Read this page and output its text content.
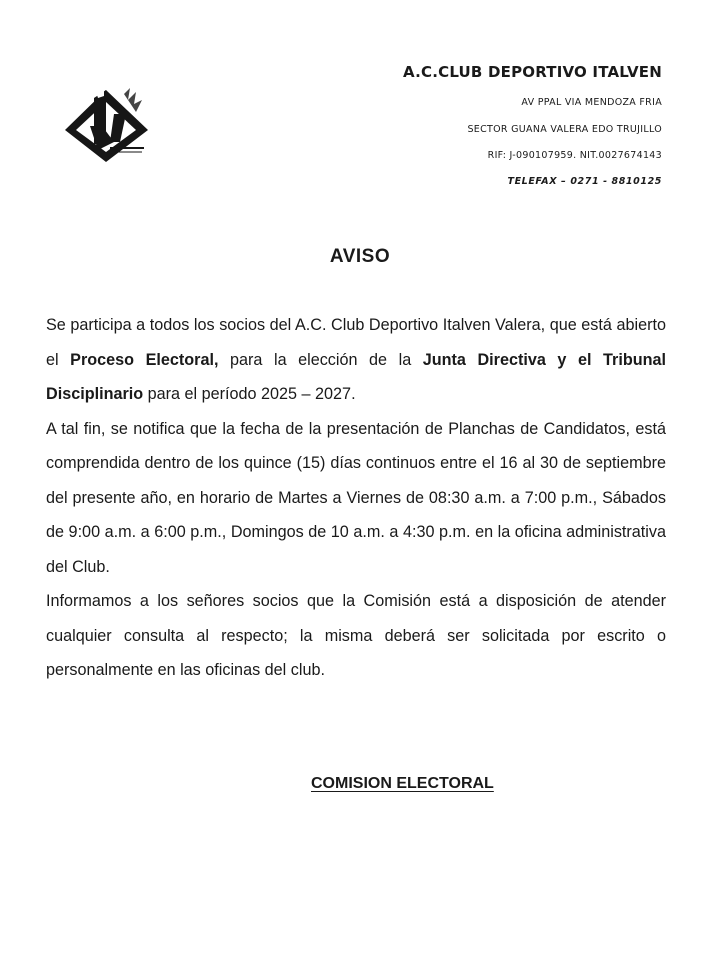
A.C.CLUB DEPORTIVO ITALVEN
AV PPAL VIA MENDOZA FRIA
SECTOR GUANA VALERA EDO TRUJILLO
RIF: J-090107959. NIT.0027674143
TELEFAX – 0271 - 8810125
AVISO

Se participa a todos los socios del A.C. Club Deportivo Italven Valera, que está abierto el Proceso Electoral, para la elección de la Junta Directiva y el Tribunal Disciplinario para el período 2025 – 2027.

A tal fin, se notifica que la fecha de la presentación de Planchas de Candidatos, está comprendida dentro de los quince (15) días continuos entre el 16 al 30 de septiembre del presente año, en horario de Martes a Viernes de 08:30 a.m. a 7:00 p.m., Sábados de 9:00 a.m. a 6:00 p.m., Domingos de 10 a.m. a 4:30 p.m. en la oficina administrativa del Club.

Informamos a los señores socios que la Comisión está a disposición de atender cualquier consulta al respecto; la misma deberá ser solicitada por escrito o personalmente en las oficinas del club.

COMISION ELECTORAL
